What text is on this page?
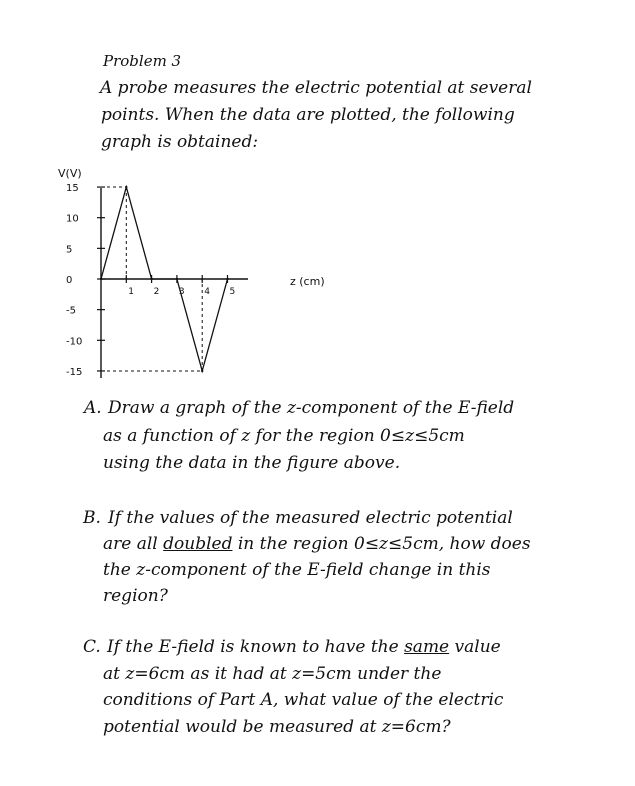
Problem 3
A probe measures the electric potential at several
points. When the data are plotted, the following
graph is obtained:
V(V)
z (cm)
15
10
5
0
-5
-10
-15
1 2 3 4 5
A. Draw a graph of the z-component of the E-field
as a function of z for the region 0≤z≤5cm
using the data in the figure above.
B. If the values of the measured electric potential
are all doubled in the region 0≤z≤5cm, how does
the z-component of the E-field change in this
region?
C. If the E-field is known to have the same value
at z=6cm as it had at z=5cm under the
conditions of Part A, what value of the electric
potential would be measured at z=6cm?
